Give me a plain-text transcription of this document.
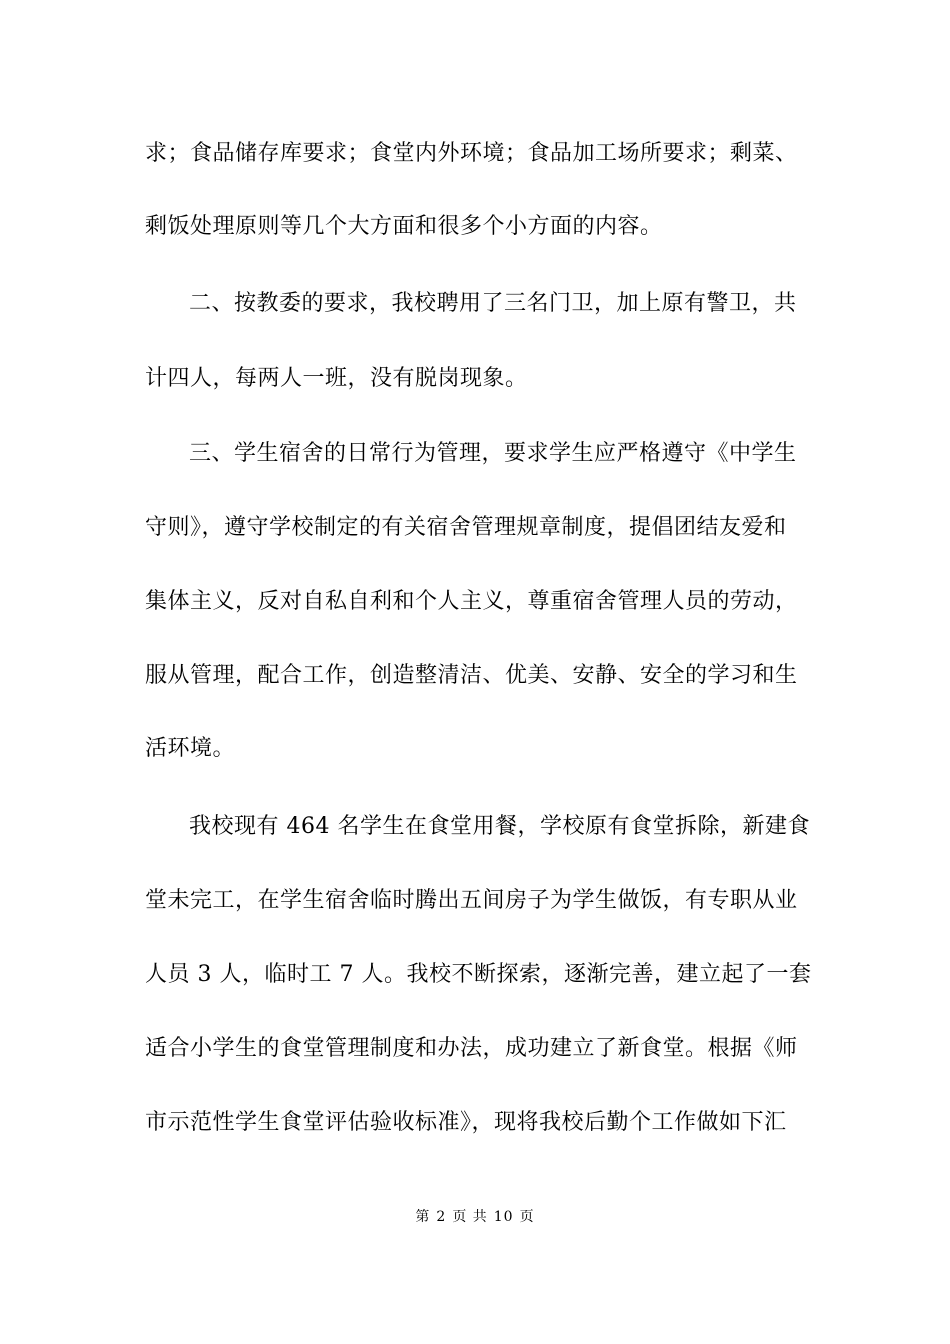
求；食品储存库要求；食堂内外环境；食品加工场所要求；剩菜、
剩饭处理原则等几个大方面和很多个小方面的内容。
二、按教委的要求，我校聘用了三名门卫，加上原有警卫，共
计四人，每两人一班，没有脱岗现象。
三、学生宿舍的日常行为管理，要求学生应严格遵守《中学生
守则》，遵守学校制定的有关宿舍管理规章制度，提倡团结友爱和
集体主义，反对自私自利和个人主义，尊重宿舍管理人员的劳动，
服从管理，配合工作，创造整清洁、优美、安静、安全的学习和生
活环境。
我校现有 464 名学生在食堂用餐，学校原有食堂拆除，新建食
堂未完工，在学生宿舍临时腾出五间房子为学生做饭，有专职从业
人员 3 人，临时工 7 人。我校不断探索，逐渐完善，建立起了一套
适合小学生的食堂管理制度和办法，成功建立了新食堂。根据《师
市示范性学生食堂评估验收标准》，现将我校后勤个工作做如下汇
第 2 页 共 10 页
